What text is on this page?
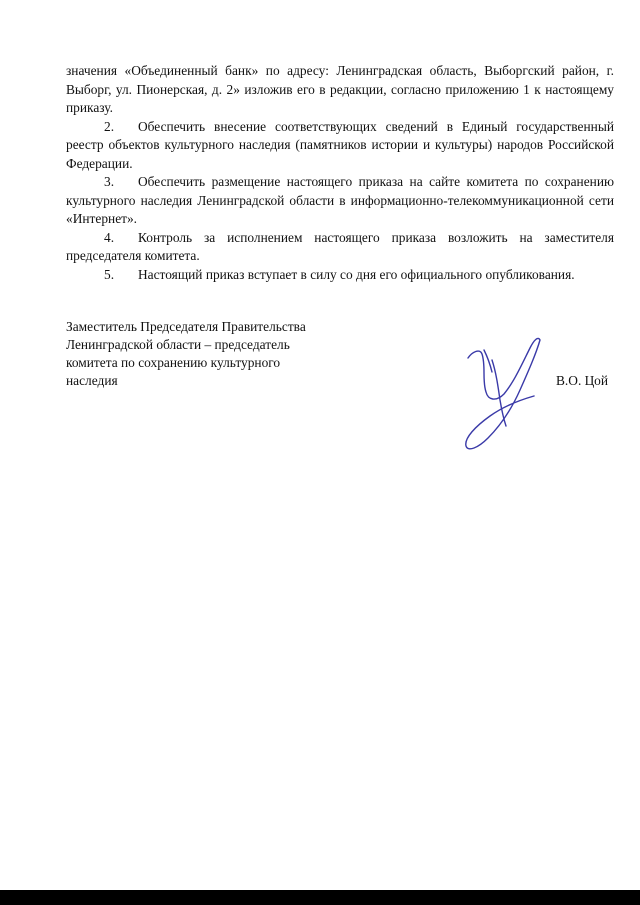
значения «Объединенный банк» по адресу: Ленинградская область, Выборгский район, г. Выборг, ул. Пионерская, д. 2» изложив его в редакции, согласно приложению 1 к настоящему приказу.

2. Обеспечить внесение соответствующих сведений в Единый государственный реестр объектов культурного наследия (памятников истории и культуры) народов Российской Федерации.

3. Обеспечить размещение настоящего приказа на сайте комитета по сохранению культурного наследия Ленинградской области в информационно-телекоммуникационной сети «Интернет».

4. Контроль за исполнением настоящего приказа возложить на заместителя председателя комитета.

5. Настоящий приказ вступает в силу со дня его официального опубликования.

Заместитель Председателя Правительства
Ленинградской области – председатель
комитета по сохранению культурного
наследия	В.О. Цой
